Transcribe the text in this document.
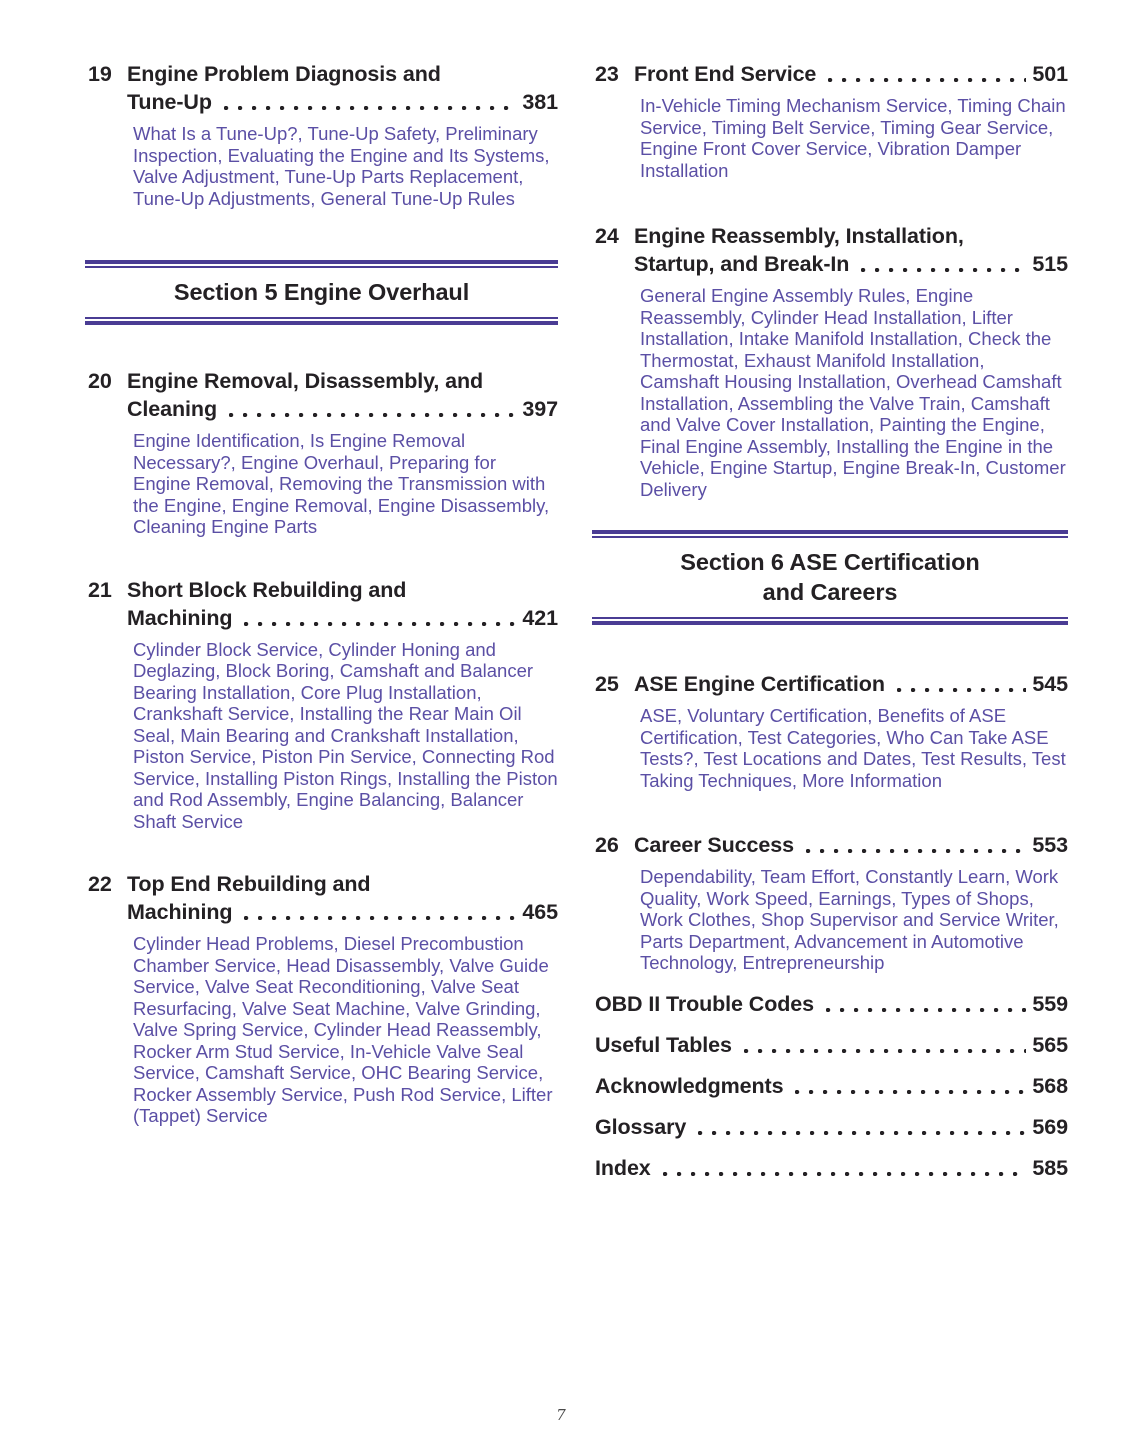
19 Engine Problem Diagnosis and
Tune-Up	381

What Is a Tune-Up?, Tune-Up Safety, Preliminary Inspection, Evaluating the Engine and Its Systems, Valve Adjustment, Tune-Up Parts Replacement, Tune-Up Adjustments, General Tune-Up Rules

Section 5 Engine Overhaul
20 Engine Removal, Disassembly, and
Cleaning	397

Engine Identification, Is Engine Removal Necessary?, Engine Overhaul, Preparing for Engine Removal, Removing the Transmission with the Engine, Engine Removal, Engine Disassembly, Cleaning Engine Parts

21 Short Block Rebuilding and
Machining	421

Cylinder Block Service, Cylinder Honing and Deglazing, Block Boring, Camshaft and Balancer Bearing Installation, Core Plug Installation, Crankshaft Service, Installing the Rear Main Oil Seal, Main Bearing and Crankshaft Installation, Piston Service, Piston Pin Service, Connecting Rod Service, Installing Piston Rings, Installing the Piston and Rod Assembly, Engine Balancing, Balancer Shaft Service

22 Top End Rebuilding and
Machining	465

Cylinder Head Problems, Diesel Precombustion Chamber Service, Head Disassembly, Valve Guide Service, Valve Seat Reconditioning, Valve Seat Resurfacing, Valve Seat Machine, Valve Grinding, Valve Spring Service, Cylinder Head Reassembly, Rocker Arm Stud Service, In-Vehicle Valve Seal Service, Camshaft Service, OHC Bearing Service, Rocker Assembly Service, Push Rod Service, Lifter (Tappet) Service

23 Front End Service	501

In-Vehicle Timing Mechanism Service, Timing Chain Service, Timing Belt Service, Timing Gear Service, Engine Front Cover Service, Vibration Damper Installation

24 Engine Reassembly, Installation,
Startup, and Break-In	515

General Engine Assembly Rules, Engine Reassembly, Cylinder Head Installation, Lifter Installation, Intake Manifold Installation, Check the Thermostat, Exhaust Manifold Installation, Camshaft Housing Installation, Overhead Camshaft Installation, Assembling the Valve Train, Camshaft and Valve Cover Installation, Painting the Engine, Final Engine Assembly, Installing the Engine in the Vehicle, Engine Startup, Engine Break-In, Customer Delivery

Section 6 ASE Certification
and Careers
25 ASE Engine Certification	545

ASE, Voluntary Certification, Benefits of ASE Certification, Test Categories, Who Can Take ASE Tests?, Test Locations and Dates, Test Results, Test Taking Techniques, More Information

26 Career Success	553

Dependability, Team Effort, Constantly Learn, Work Quality, Work Speed, Earnings, Types of Shops, Work Clothes, Shop Supervisor and Service Writer, Parts Department, Advancement in Automotive Technology, Entrepreneurship

OBD II Trouble Codes	559
Useful Tables	565
Acknowledgments	568
Glossary	569
Index	585
7
